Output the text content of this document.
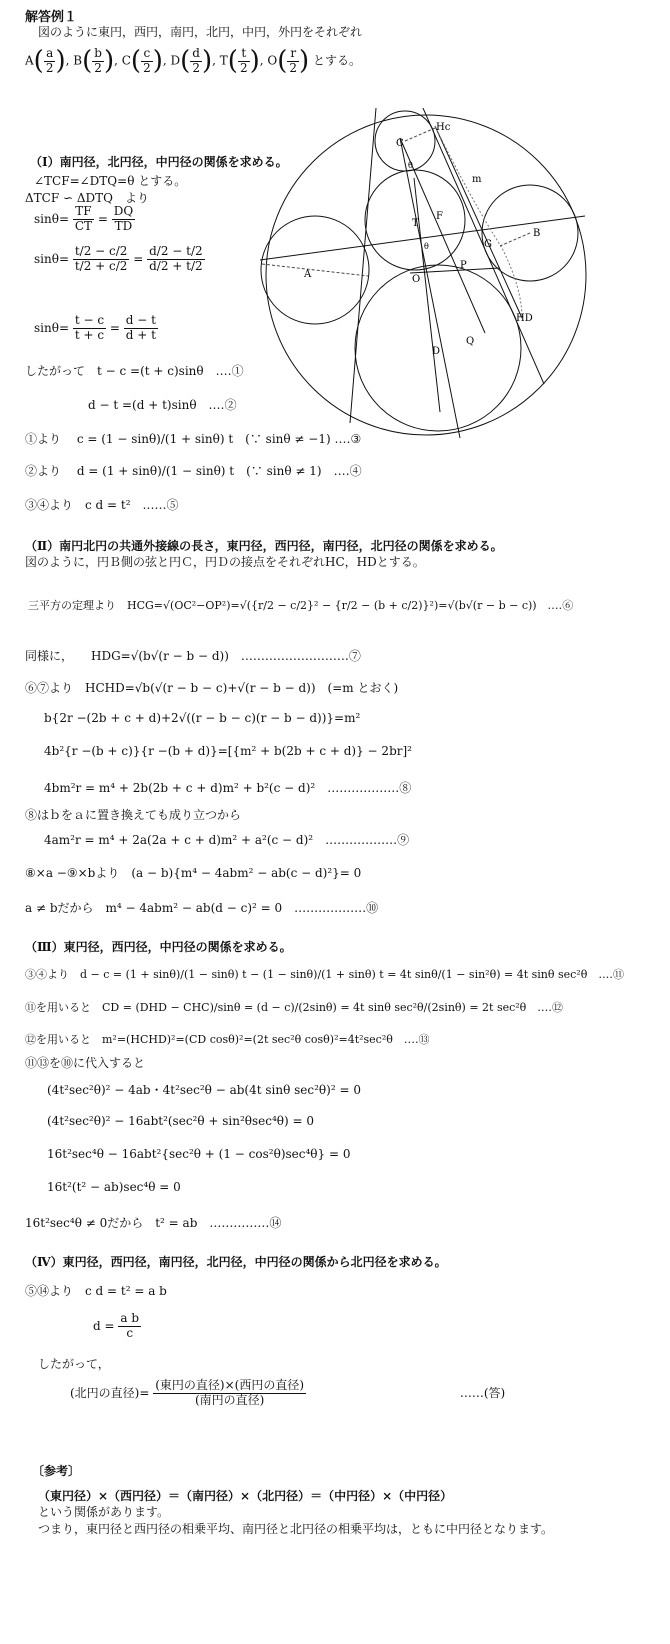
解答例１
図のように東円，西円，南円，北円，中円，外円をそれぞれ
$A( \frac{a}{2}$ ), $B( \frac{b}{2}$ ), $C( \frac{c}{2}$ ), $D( \frac{d}{2}$ ), $T( \frac{t}{2}$ ), $O( \frac{r}{2}$ ) とする。
C
Hc
m
F
T
B
G
A	O
P
HD
Q
D
θ
θ
（Ⅰ）南円径，北円径，中円径の関係を求める。
∠TCF=∠DTQ=θ とする。
ΔTCF ∽ ΔDTQ　より
$\sin\theta= \frac{TF}{CT} = \frac{DQ}{TD}$
$\sin\theta= \frac{t/2 - c/2}{t/2 + c/2} = \frac{d/2 - t/2}{d/2 + t/2}$
$\sin\theta= \frac{t - c}{t + c} = \frac{d - t}{d + t}$
したがって　t − c =(t + c)sinθ　‥‥①
d − t =(d + t)sinθ　‥‥②
①より　 c = (1 − sinθ)/(1 + sinθ) t　(∵ sinθ ≠ −1) ‥‥③
②より　 d = (1 + sinθ)/(1 − sinθ) t　(∵ sinθ ≠ 1)　‥‥④
③④より　c d = t²　……⑤
（Ⅱ）南円北円の共通外接線の長さ，東円径，西円径，南円径，北円径の関係を求める。
図のように，円Ｂ側の弦と円Ｃ，円Ｄの接点をそれぞれHC，HDとする。
三平方の定理より　HCG=√(OC²−OP²)=√({r/2 − c/2}² − {r/2 − (b + c/2)}²)=√(b√(r − b − c))　‥‥⑥
同様に，　　HDG=√(b√(r − b − d))　………………………⑦
⑥⑦より　HCHD=√b(√(r − b − c)+√(r − b − d))　(=m とおく)
b{2r −(2b + c + d)+2√((r − b − c)(r − b − d))}=m²
4b²{r −(b + c)}{r −(b + d)}=[{m² + b(2b + c + d)} − 2br]²
4bm²r = m⁴ + 2b(2b + c + d)m² + b²(c − d)²　………………⑧
⑧はｂをａに置き換えても成り立つから
4am²r = m⁴ + 2a(2a + c + d)m² + a²(c − d)²　………………⑨
⑧×a −⑨×bより　(a − b){m⁴ − 4abm² − ab(c − d)²}= 0
a ≠ bだから　m⁴ − 4abm² − ab(d − c)² = 0　………………⑩
（Ⅲ）東円径，西円径，中円径の関係を求める。
③④より　d − c = (1 + sinθ)/(1 − sinθ) t − (1 − sinθ)/(1 + sinθ) t = 4t sinθ/(1 − sin²θ) = 4t sinθ sec²θ　‥‥⑪
⑪を用いると　CD = (DHD − CHC)/sinθ = (d − c)/(2sinθ) = 4t sinθ sec²θ/(2sinθ) = 2t sec²θ　‥‥⑫
⑫を用いると　m²=(HCHD)²=(CD cosθ)²=(2t sec²θ cosθ)²=4t²sec²θ　‥‥⑬
⑪⑬を⑩に代入すると
(4t²sec²θ)² − 4ab・4t²sec²θ − ab(4t sinθ sec²θ)² = 0
(4t²sec²θ)² − 16abt²(sec²θ + sin²θsec⁴θ) = 0
16t²sec⁴θ − 16abt²{sec²θ + (1 − cos²θ)sec⁴θ} = 0
16t²(t² − ab)sec⁴θ = 0
16t²sec⁴θ ≠ 0だから　t² = ab　……………⑭
（Ⅳ）東円径，西円径，南円径，北円径，中円径の関係から北円径を求める。
⑤⑭より　c d = t² = a b
$d = \frac{\text{a b}}{c}$
したがって，
(北円の直径)= $\frac{\text{(東円の直径)×(西円の直径)}}{\text{(南円の直径)}}$	……(答)
〔参考〕
（東円径）×（西円径）＝（南円径）×（北円径）＝（中円径）×（中円径）
という関係があります。
つまり，東円径と西円径の相乗平均、南円径と北円径の相乗平均は，ともに中円径となります。
